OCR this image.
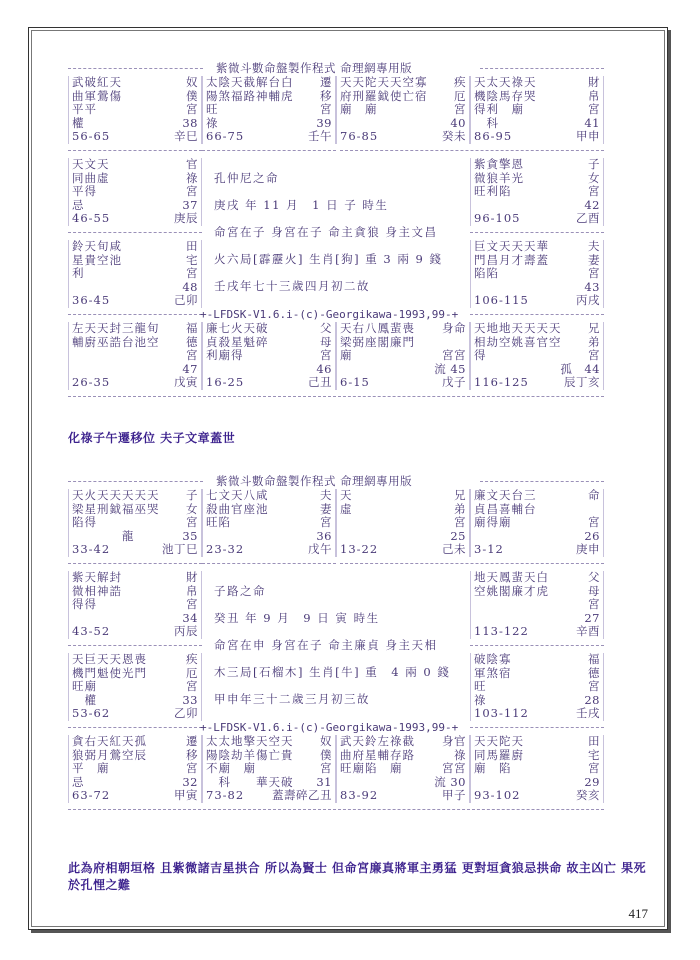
紫微斗數命盤製作程式 命理網專用版
武破紅天	奴
曲軍鶯傷	僕
平平	宮
權	38
56-65	辛巳
太陰天截解台白 遷
陽煞福路神輔虎 移
旺	宮
祿	39
66-75	壬午
天天陀天天空寡 疾
府刑羅鉞使亡宿 厄
廟　廟	宮
40
76-85	癸未
天太天祿天	財
機陰馬存哭	帛
得利　廟	宮
　科	41
86-95	甲申
天文天	官
同曲虛	祿
平得	宮
忌	37
46-55	庚辰
紫貪擎恩	子
微狼羊光	女
旺利陷	宮
42
96-105	乙酉
鈴天旬咸	田
星貴空池	宅
利	宮
48
36-45	己卯
巨文天天天華	夫
門昌月才壽蓋	妻
陷陷	宮
43
106-115	丙戌
孔仲尼之命
庚戌 年 11 月　1 日 子 時生
命宮在子 身宮在子 命主貪狼 身主文昌
火六局[霹靂火] 生肖[狗] 重 3 兩 9 錢
壬戌年七十三歲四月初二故
+-LFDSK-V1.6.i-(c)-Georgikawa-1993,99-+
左天天封三龍旬 福
輔廚巫誥台池空 德
宮
47
26-35	戊寅
廉七火天破	父
貞殺星魁碎	母
利廟得	宮
46
16-25	己丑
天右八鳳蜚喪 身命
梁弼座閣廉門
廟	宮宮
流 45
6-15	戊子
天地地天天天天 兄
相劫空姚喜官空 弟
得	宮
孤　44
116-125	辰丁亥
化祿子午遷移位 夫子文章蓋世
紫微斗數命盤製作程式 命理網專用版
天火天天天天天 子
梁星刑鉞福巫哭 女
陷得	宮
　　　　龍	35
33-42	池丁巳
七文天八咸	夫
殺曲官座池	妻
旺陷	宮
36
23-32	戊午
天	兄
虛	弟
宮
25
13-22	己未
廉文天台三	命
貞昌喜輔台
廟得廟	宮
26
3-12	庚申
紫天解封	財
微相神誥	帛
得得	宮
34
43-52	丙辰
地天鳳蜚天白	父
空姚閣廉才虎	母
宮
27
113-122	辛酉
天巨天天恩喪	疾
機門魁使光門	厄
旺廟	宮
　權	33
53-62	乙卯
破陰寡	福
軍煞宿	德
旺	宮
祿	28
103-112	壬戌
子路之命
癸丑 年 9 月　9 日 寅 時生
命宮在申 身宮在子 命主廉貞 身主天相
木三局[石榴木] 生肖[牛] 重　4 兩 0 錢
甲申年三十二歲三月初三故
+-LFDSK-V1.6.i-(c)-Georgikawa-1993,99-+
貪右天紅天孤	遷
狼弼月鶯空辰	移
平　廟	宮
忌	32
63-72	甲寅
太太地擎天空天 奴
陽陰劫羊傷亡貴 僕
不廟　廟	宮
　科　　華天破 31
73-82 蓋壽碎乙丑
武天鈴左祿截 身官
曲府星輔存路	祿
旺廟陷　廟	宮宮
流 30
83-92	甲子
天天陀天	田
同馬羅廚	宅
廟　陷	宮
29
93-102	癸亥
此為府相朝垣格 且紫微諸吉星拱合 所以為賢士 但命宮廉真將軍主勇猛 更對垣貪狼忌拱命 故主凶亡 果死於孔悝之難
417
